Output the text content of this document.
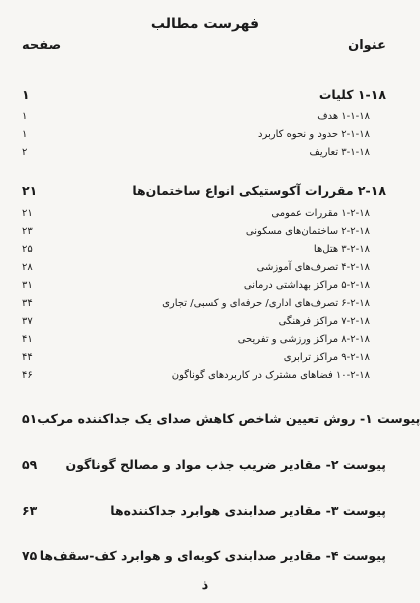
فهرست مطالب
عنوان
صفحه
۱	۱-۱۸ کلیات
۱	۱-۱-۱۸ هدف
۱	۲-۱-۱۸ حدود و نحوه کاربرد
۲	۳-۱-۱۸ تعاریف
۲۱	۲-۱۸ مقررات آکوستیکی انواع ساختمان‌ها
۲۱	۱-۲-۱۸ مقررات عمومی
۲۳	۲-۲-۱۸ ساختمان‌های مسکونی
۲۵	۳-۲-۱۸ هتل‌ها
۲۸	۴-۲-۱۸ تصرف‌های آموزشی
۳۱	۵-۲-۱۸ مراکز بهداشتی درمانی
۳۴	۶-۲-۱۸ تصرف‌های اداری/ حرفه‌ای و کسبی/ تجاری
۳۷	۷-۲-۱۸ مراکز فرهنگی
۴۱	۸-۲-۱۸ مراکز ورزشی و تفریحی
۴۴	۹-۲-۱۸ مراکز ترابری
۴۶	۱۰-۲-۱۸ فضاهای مشترک در کاربردهای گوناگون
۵۱ پیوست ۱- روش تعیین شاخص کاهش صدای یک جداکننده مرکب
۵۹ پیوست ۲- مقادیر ضریب جذب مواد و مصالح گوناگون
۶۳	پیوست ۳- مقادیر صدابندی هوابرد جداکننده‌ها
۷۵ پیوست ۴- مقادیر صدابندی کوبه‌ای و هوابرد کف-سقف‌ها
ذ
